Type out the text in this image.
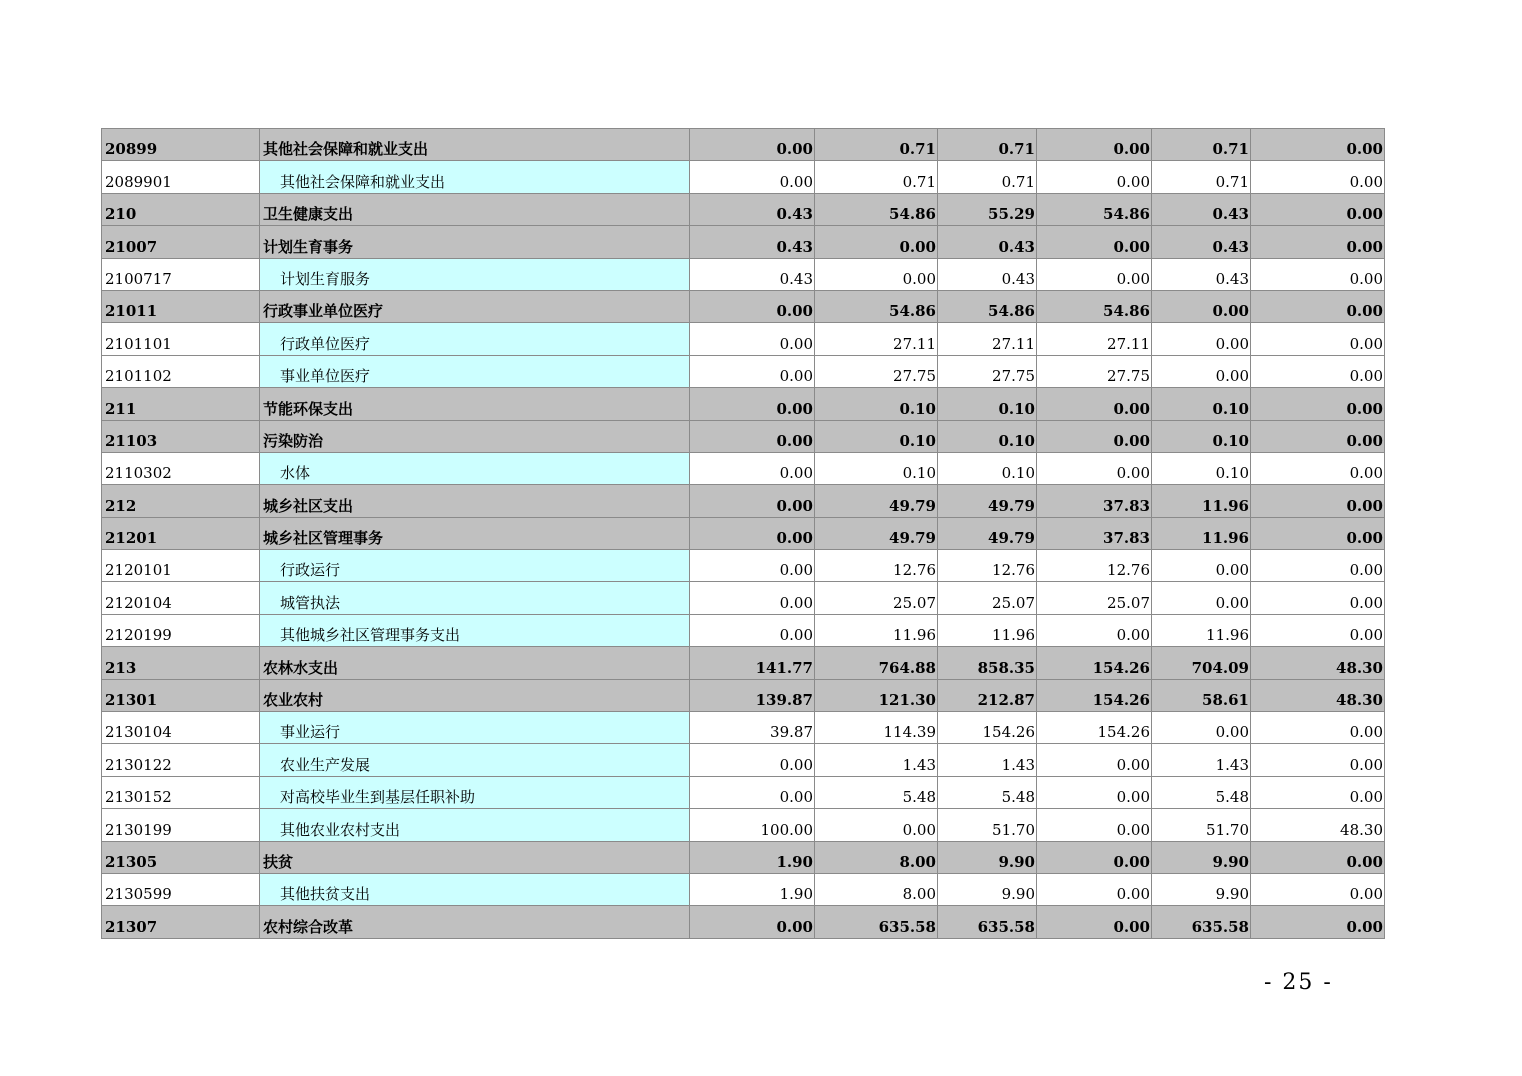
20899	其他社会保障和就业支出	0.00	0.71	0.71	0.00	0.71	0.00
2089901	其他社会保障和就业支出	0.00	0.71	0.71	0.00	0.71	0.00
210	卫生健康支出	0.43	54.86	55.29	54.86	0.43	0.00
21007	计划生育事务	0.43	0.00	0.43	0.00	0.43	0.00
2100717	计划生育服务	0.43	0.00	0.43	0.00	0.43	0.00
21011	行政事业单位医疗	0.00	54.86	54.86	54.86	0.00	0.00
2101101	行政单位医疗	0.00	27.11	27.11	27.11	0.00	0.00
2101102	事业单位医疗	0.00	27.75	27.75	27.75	0.00	0.00
211	节能环保支出	0.00	0.10	0.10	0.00	0.10	0.00
21103	污染防治	0.00	0.10	0.10	0.00	0.10	0.00
2110302	水体	0.00	0.10	0.10	0.00	0.10	0.00
212	城乡社区支出	0.00	49.79	49.79	37.83	11.96	0.00
21201	城乡社区管理事务	0.00	49.79	49.79	37.83	11.96	0.00
2120101	行政运行	0.00	12.76	12.76	12.76	0.00	0.00
2120104	城管执法	0.00	25.07	25.07	25.07	0.00	0.00
2120199	其他城乡社区管理事务支出	0.00	11.96	11.96	0.00	11.96	0.00
213	农林水支出	141.77	764.88	858.35	154.26	704.09	48.30
21301	农业农村	139.87	121.30	212.87	154.26	58.61	48.30
2130104	事业运行	39.87	114.39	154.26	154.26	0.00	0.00
2130122	农业生产发展	0.00	1.43	1.43	0.00	1.43	0.00
2130152	对高校毕业生到基层任职补助	0.00	5.48	5.48	0.00	5.48	0.00
2130199	其他农业农村支出	100.00	0.00	51.70	0.00	51.70	48.30
21305	扶贫	1.90	8.00	9.90	0.00	9.90	0.00
2130599	其他扶贫支出	1.90	8.00	9.90	0.00	9.90	0.00
21307	农村综合改革	0.00	635.58	635.58	0.00	635.58	0.00
- 25 -
